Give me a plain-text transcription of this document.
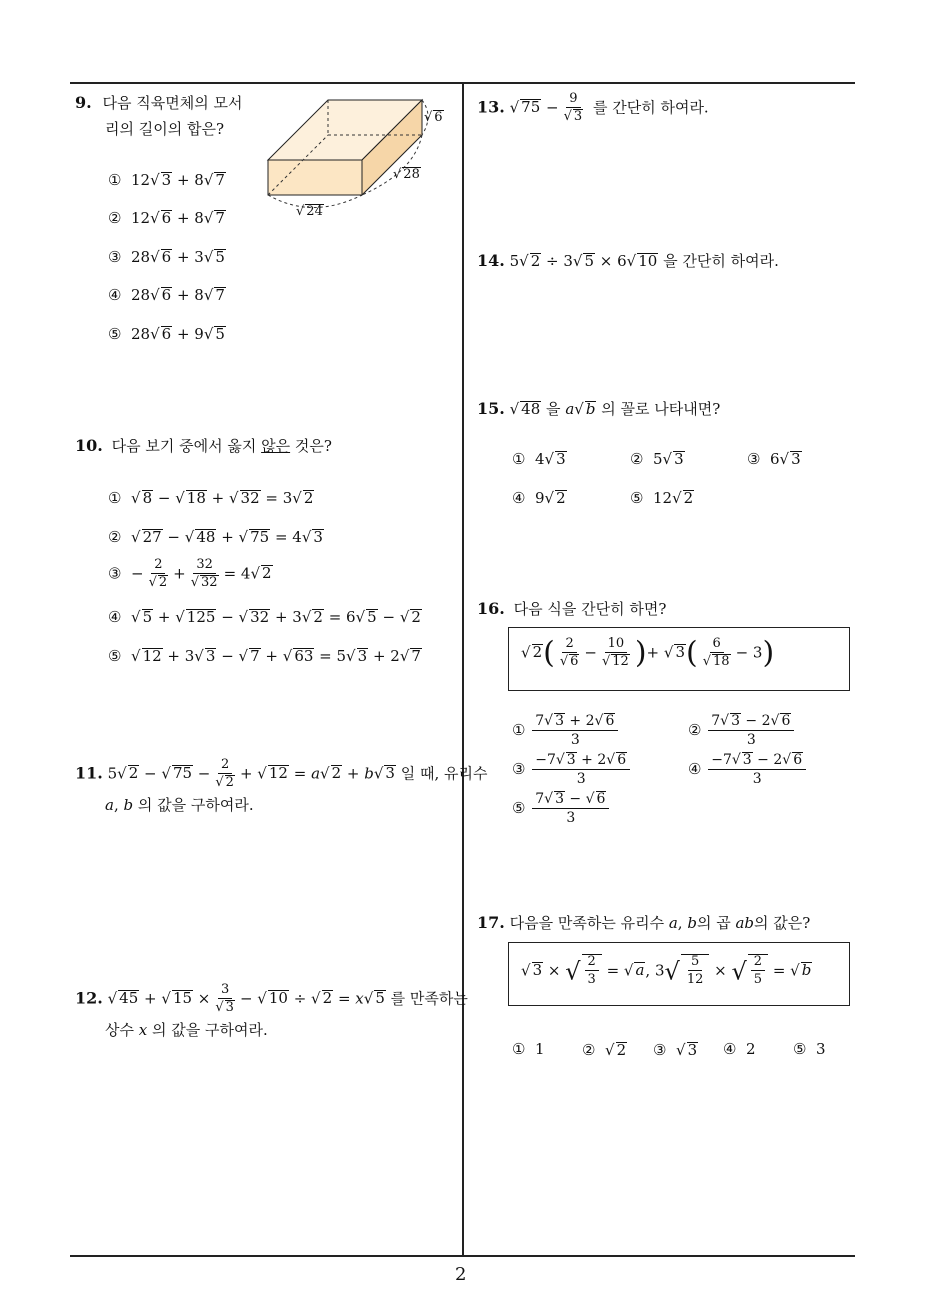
2
9. 다음 직육면체의 모서
리의 길이의 합은?
√ 6
√ 28
√ 24
①  12√ 3 + 8√ 7
②  12√ 6 + 8√ 7
③  28√ 6 + 3√ 5
④  28√ 6 + 8√ 7
⑤  28√ 6 + 9√ 5
10. 다음 보기 중에서 옳지 않은 것은?
①  √ 8 − √ 18 + √ 32 = 3√ 2
②  √ 27 − √ 48 + √ 75 = 4√ 3
③  − $\frac{2}{√ 2} + \frac{32}{√ 32} = 4√$ 2
④  √ 5 + √ 125 − √ 32 + 3√ 2 = 6√ 5 − √ 2
⑤  √ 12 + 3√ 3 − √ 7 + √ 63 = 5√ 3 + 2√ 7
11. 5√ 2 − √ $75 - \frac{2}{√ 2}$ + √ 12 = a√ 2 + b√ 3 일 때, 유리수
a, b 의 값을 구하여라.
12. √ 45 + √ $15 \times \frac{3}{√ 3}$ − √ 10 ÷ √ 2 = x√ 5 를 만족하는
상수 x 의 값을 구하여라.
13. √ $75 - \frac{9}{√ 3}$ 를 간단히 하여라.
14. 5√ 2 ÷ 3√ 5 × 6√ 10 을 간단히 하여라.
15. √ 48 을 a√ b 의 꼴로 나타내면?
①  4√ 3	②  5√ 3	③  6√ 3
④  9√ 2	⑤  12√ 2
16. 다음 식을 간단히 하면?
√ $2( \frac{2}{√ 6} - \frac{10}{√ 12}$ )+ √ $3( \frac{6}{√ 18} - 3)$
① $\frac{7√ 3 + 2√ 6}{3}$	② $\frac{7√ 3 - 2√ 6}{3}$
③ $\frac{-7√ 3 + 2√ 6}{3}$	④ $\frac{-7√ 3 - 2√ 6}{3}$
⑤ $\frac{7√ 3 - √ 6}{3}$
17. 다음을 만족하는 유리수 a, b의 곱 ab의 값은?
√ 3 × √ $\frac{2}{3}$ = √ a, $3√ \frac{5}{12}$ × √ $\frac{2}{5}$ = √ b
① 1 ②  √ 2 ③  √ 3 ④ 2 ⑤ 3
